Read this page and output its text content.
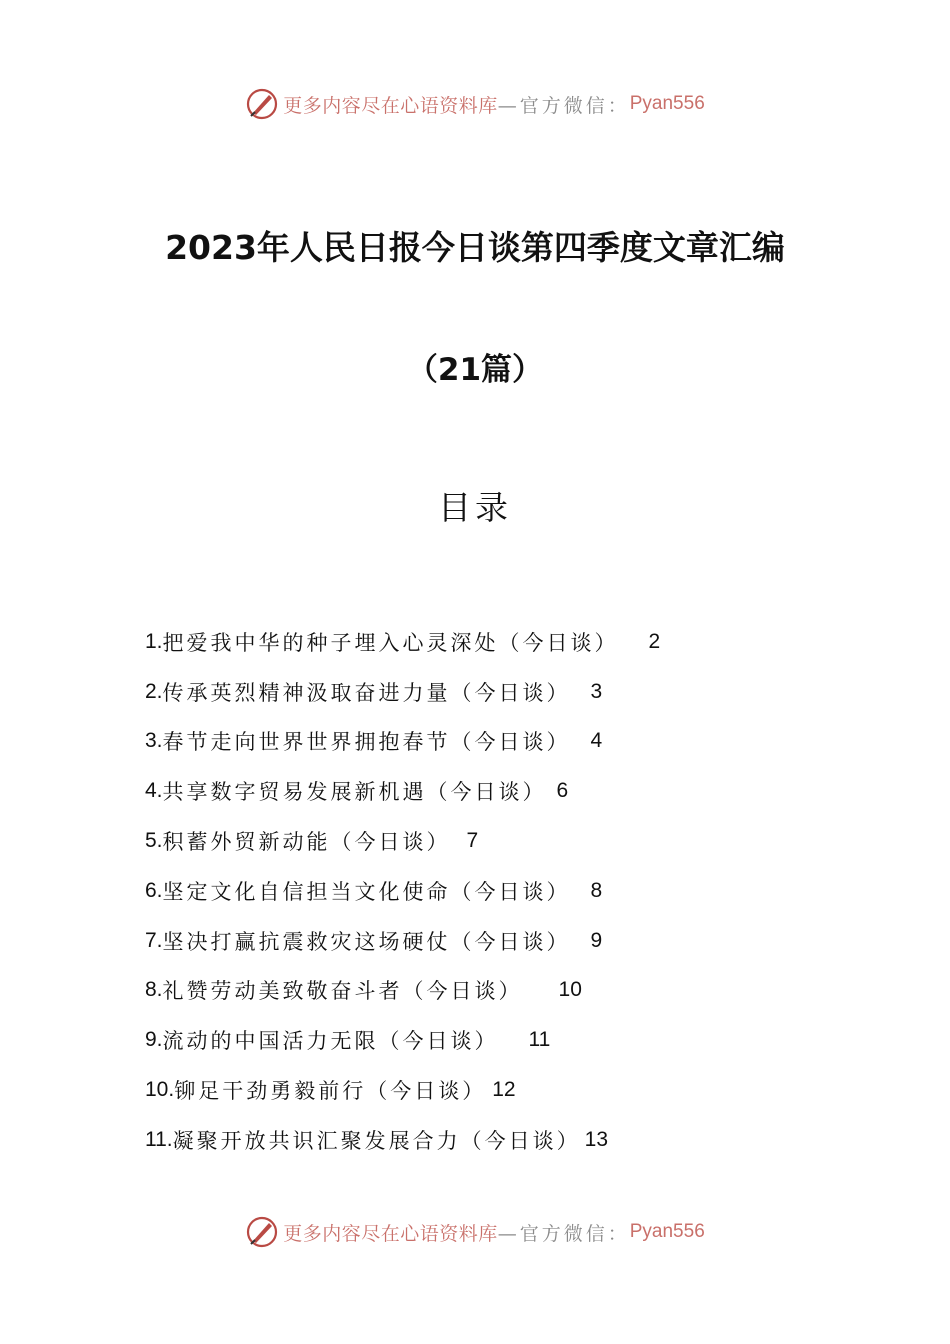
更多内容尽在心语资料库 —官方微信： Pyan556
2023年人民日报今日谈第四季度文章汇编
（21篇）
目录
1. 把爱我中华的种子埋入心灵深处（今日谈） 2
2. 传承英烈精神汲取奋进力量（今日谈） 3
3. 春节走向世界世界拥抱春节（今日谈） 4
4. 共享数字贸易发展新机遇（今日谈） 6
5. 积蓄外贸新动能（今日谈） 7
6. 坚定文化自信担当文化使命（今日谈） 8
7. 坚决打赢抗震救灾这场硬仗（今日谈） 9
8. 礼赞劳动美致敬奋斗者（今日谈） 10
9. 流动的中国活力无限（今日谈） 11
10. 铆足干劲勇毅前行（今日谈） 12
11. 凝聚开放共识汇聚发展合力（今日谈） 13
更多内容尽在心语资料库 —官方微信： Pyan556
